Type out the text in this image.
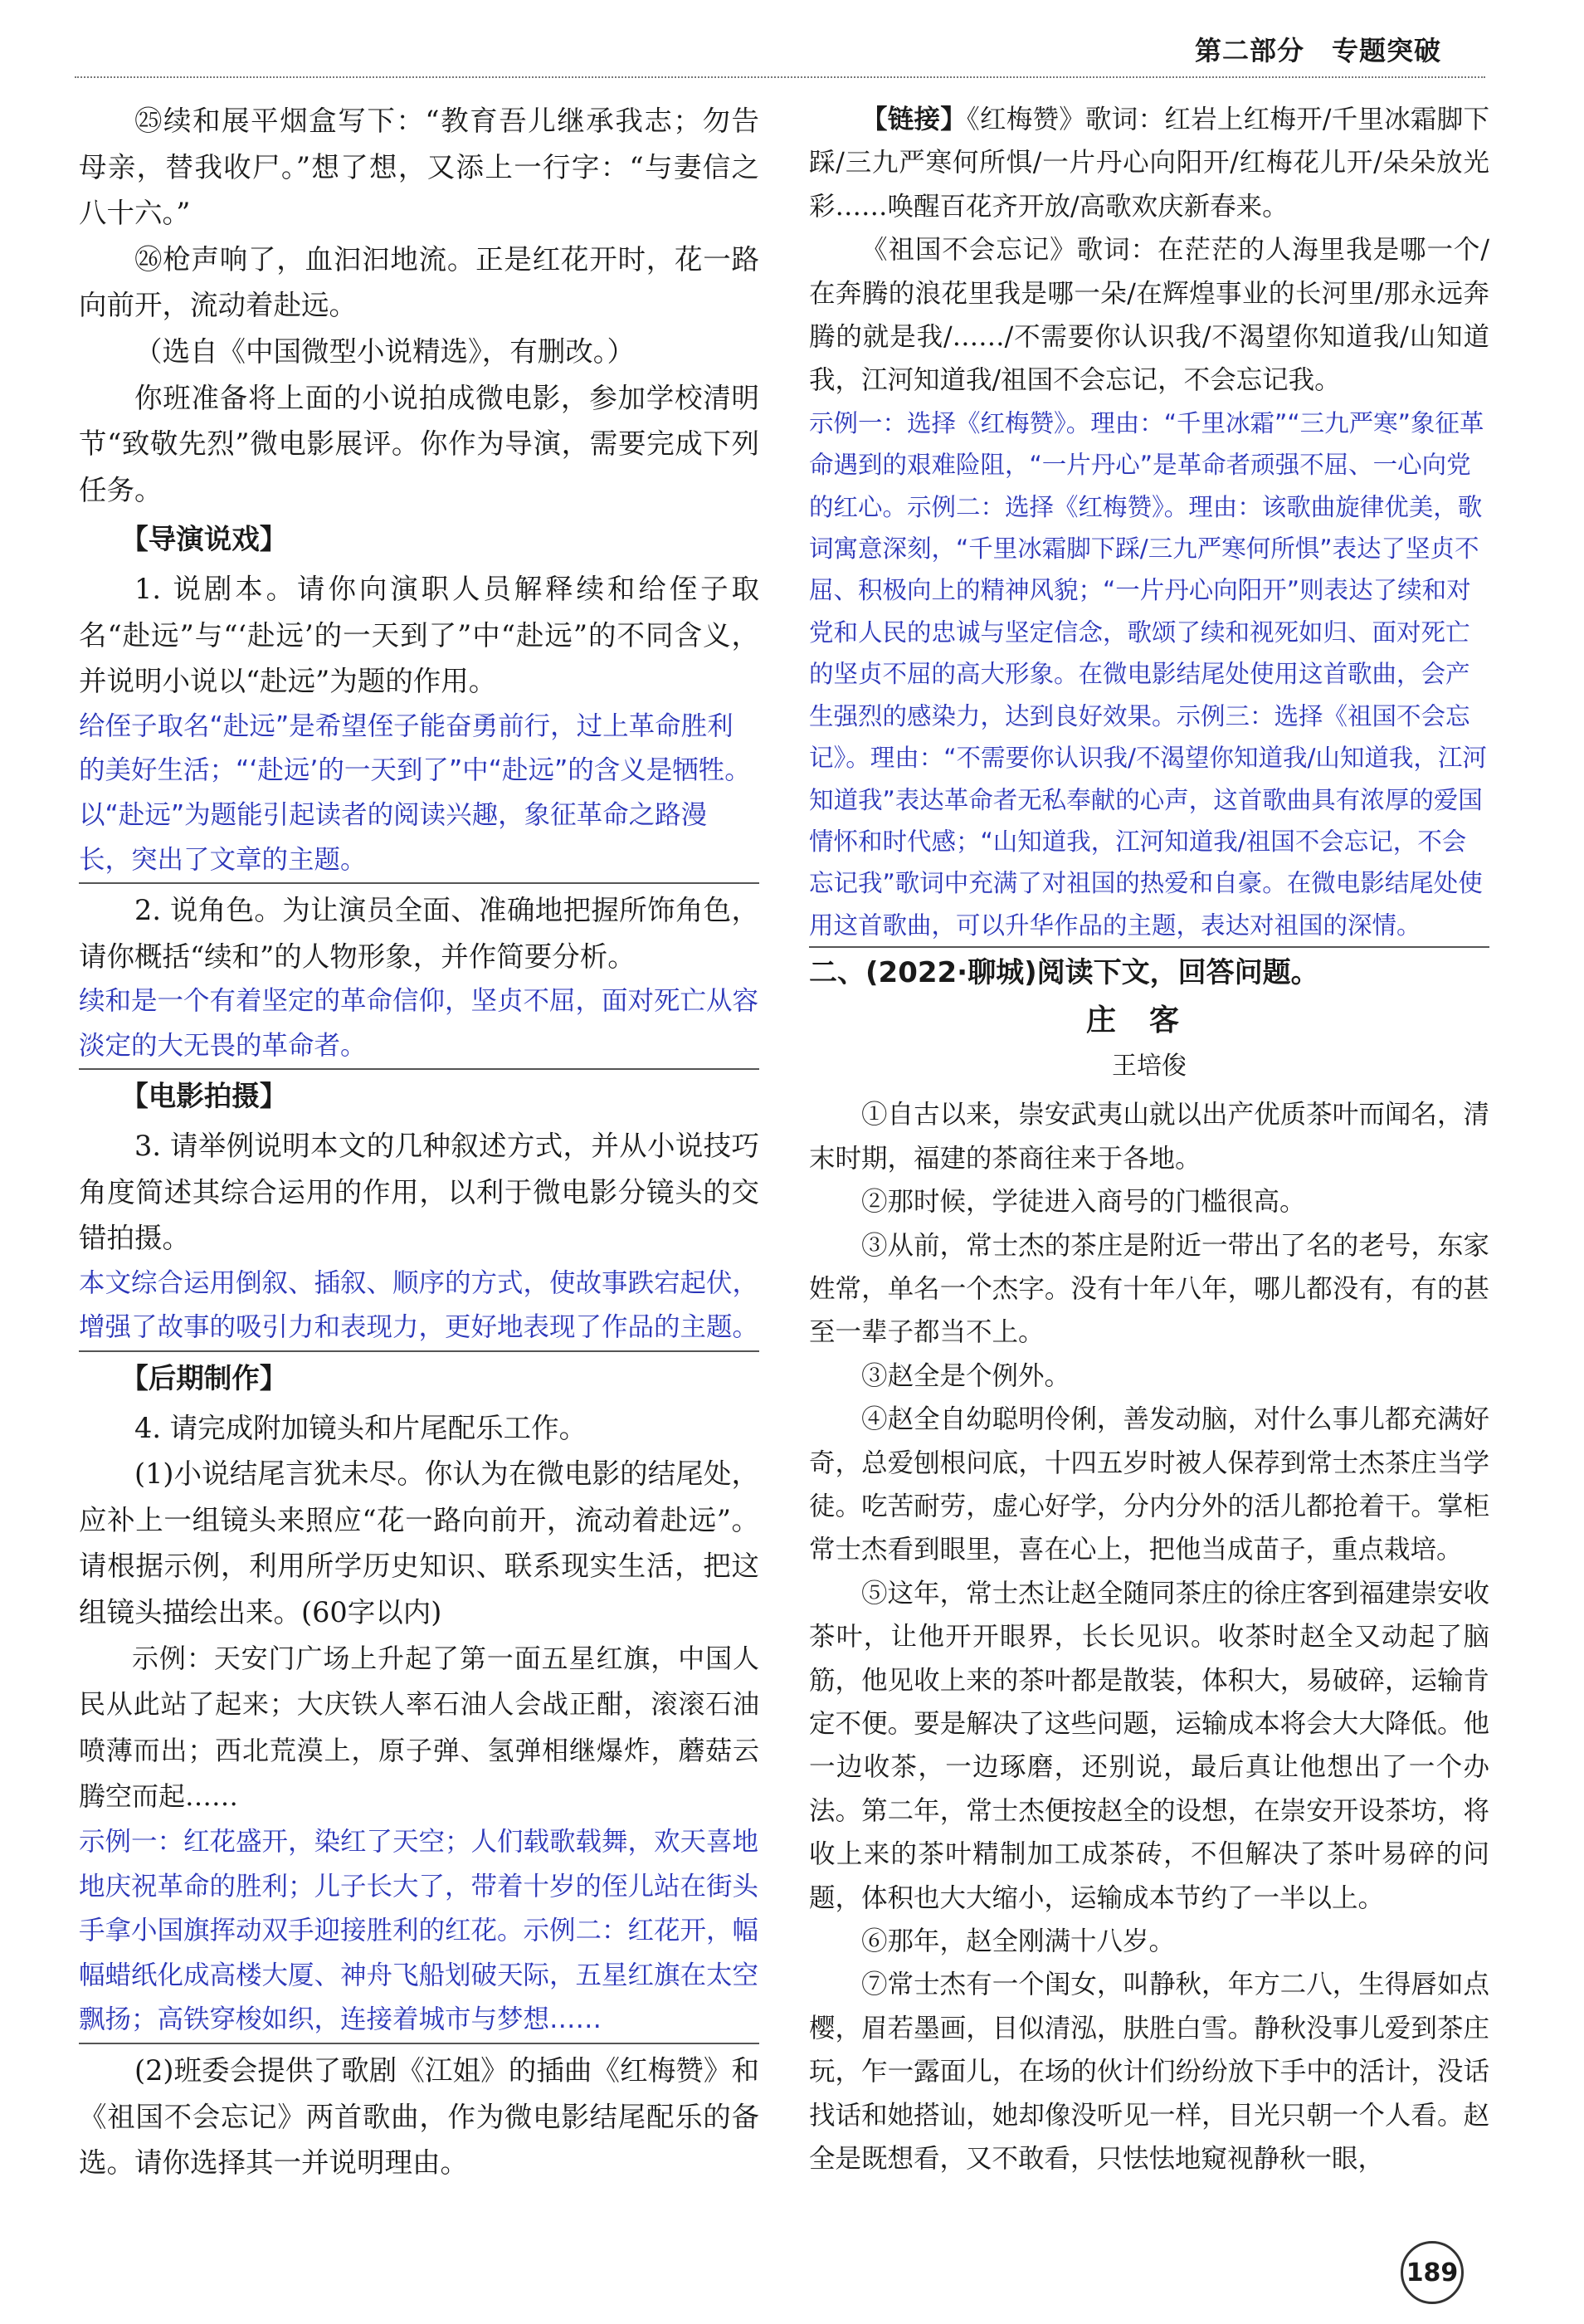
第二部分　专题突破

㉕续和展平烟盒写下：“教育吾儿继承我志；勿告母亲，替我收尸。”想了想，又添上一行字：“与妻信之八十六。”

㉖枪声响了，血汩汩地流。正是红花开时，花一路向前开，流动着赴远。

（选自《中国微型小说精选》，有删改。）

你班准备将上面的小说拍成微电影，参加学校清明节“致敬先烈”微电影展评。你作为导演，需要完成下列任务。

【导演说戏】

1. 说剧本。请你向演职人员解释续和给侄子取名“赴远”与“‘赴远’的一天到了”中“赴远”的不同含义，并说明小说以“赴远”为题的作用。

给侄子取名“赴远”是希望侄子能奋勇前行，过上革命胜利的美好生活；“‘赴远’的一天到了”中“赴远”的含义是牺牲。以“赴远”为题能引起读者的阅读兴趣，象征革命之路漫长，突出了文章的主题。

2. 说角色。为让演员全面、准确地把握所饰角色，请你概括“续和”的人物形象，并作简要分析。

续和是一个有着坚定的革命信仰，坚贞不屈，面对死亡从容淡定的大无畏的革命者。

【电影拍摄】

3. 请举例说明本文的几种叙述方式，并从小说技巧角度简述其综合运用的作用，以利于微电影分镜头的交错拍摄。

本文综合运用倒叙、插叙、顺序的方式，使故事跌宕起伏，增强了故事的吸引力和表现力，更好地表现了作品的主题。

【后期制作】

4. 请完成附加镜头和片尾配乐工作。

(1)小说结尾言犹未尽。你认为在微电影的结尾处，应补上一组镜头来照应“花一路向前开，流动着赴远”。请根据示例，利用所学历史知识、联系现实生活，把这组镜头描绘出来。(60字以内)

示例：天安门广场上升起了第一面五星红旗，中国人民从此站了起来；大庆铁人率石油人会战正酣，滚滚石油喷薄而出；西北荒漠上，原子弹、氢弹相继爆炸，蘑菇云腾空而起……

示例一：红花盛开，染红了天空；人们载歌载舞，欢天喜地地庆祝革命的胜利；儿子长大了，带着十岁的侄儿站在街头手拿小国旗挥动双手迎接胜利的红花。示例二：红花开，幅幅蜡纸化成高楼大厦、神舟飞船划破天际，五星红旗在太空飘扬；高铁穿梭如织，连接着城市与梦想……

(2)班委会提供了歌剧《江姐》的插曲《红梅赞》和《祖国不会忘记》两首歌曲，作为微电影结尾配乐的备选。请你选择其一并说明理由。

【链接】《红梅赞》歌词：红岩上红梅开/千里冰霜脚下踩/三九严寒何所惧/一片丹心向阳开/红梅花儿开/朵朵放光彩……唤醒百花齐开放/高歌欢庆新春来。

《祖国不会忘记》歌词：在茫茫的人海里我是哪一个/在奔腾的浪花里我是哪一朵/在辉煌事业的长河里/那永远奔腾的就是我/……/不需要你认识我/不渴望你知道我/山知道我，江河知道我/祖国不会忘记，不会忘记我。

示例一：选择《红梅赞》。理由：“千里冰霜”“三九严寒”象征革命遇到的艰难险阻，“一片丹心”是革命者顽强不屈、一心向党的红心。示例二：选择《红梅赞》。理由：该歌曲旋律优美，歌词寓意深刻，“千里冰霜脚下踩/三九严寒何所惧”表达了坚贞不屈、积极向上的精神风貌；“一片丹心向阳开”则表达了续和对党和人民的忠诚与坚定信念，歌颂了续和视死如归、面对死亡的坚贞不屈的高大形象。在微电影结尾处使用这首歌曲，会产生强烈的感染力，达到良好效果。示例三：选择《祖国不会忘记》。理由：“不需要你认识我/不渴望你知道我/山知道我，江河知道我”表达革命者无私奉献的心声，这首歌曲具有浓厚的爱国情怀和时代感；“山知道我，江河知道我/祖国不会忘记，不会忘记我”歌词中充满了对祖国的热爱和自豪。在微电影结尾处使用这首歌曲，可以升华作品的主题，表达对祖国的深情。

二、(2022·聊城)阅读下文，回答问题。

庄客
王培俊

①自古以来，崇安武夷山就以出产优质茶叶而闻名，清末时期，福建的茶商往来于各地。

②那时候，学徒进入商号的门槛很高。

③从前，常士杰的茶庄是附近一带出了名的老号，东家姓常，单名一个杰字。没有十年八年，哪儿都没有，有的甚至一辈子都当不上。

③赵全是个例外。

④赵全自幼聪明伶俐，善发动脑，对什么事儿都充满好奇，总爱刨根问底，十四五岁时被人保荐到常士杰茶庄当学徒。吃苦耐劳，虚心好学，分内分外的活儿都抢着干。掌柜常士杰看到眼里，喜在心上，把他当成苗子，重点栽培。

⑤这年，常士杰让赵全随同茶庄的徐庄客到福建崇安收茶叶，让他开开眼界，长长见识。收茶时赵全又动起了脑筋，他见收上来的茶叶都是散装，体积大，易破碎，运输肯定不便。要是解决了这些问题，运输成本将会大大降低。他一边收茶，一边琢磨，还别说，最后真让他想出了一个办法。第二年，常士杰便按赵全的设想，在崇安开设茶坊，将收上来的茶叶精制加工成茶砖，不但解决了茶叶易碎的问题，体积也大大缩小，运输成本节约了一半以上。

⑥那年，赵全刚满十八岁。

⑦常士杰有一个闺女，叫静秋，年方二八，生得唇如点樱，眉若墨画，目似清泓，肤胜白雪。静秋没事儿爱到茶庄玩，乍一露面儿，在场的伙计们纷纷放下手中的活计，没话找话和她搭讪，她却像没听见一样，目光只朝一个人看。赵全是既想看，又不敢看，只怯怯地窥视静秋一眼，

189
